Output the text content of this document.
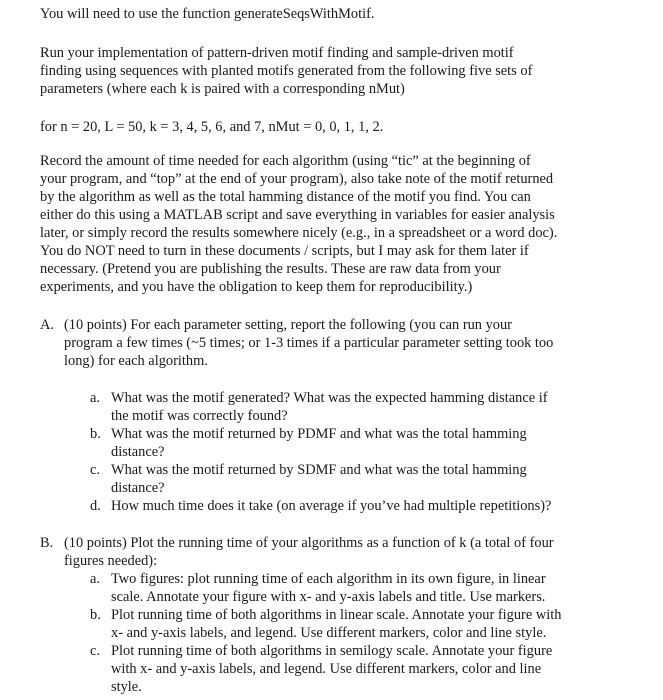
You will need to use the function generateSeqsWithMotif.
Run your implementation of pattern-driven motif finding and sample-driven motif
finding using sequences with planted motifs generated from the following five sets of
parameters (where each k is paired with a corresponding nMut)
for n = 20, L = 50, k = 3, 4, 5, 6, and 7, nMut = 0, 0, 1, 1, 2.
Record the amount of time needed for each algorithm (using “tic” at the beginning of
your program, and “top” at the end of your program), also take note of the motif returned
by the algorithm as well as the total hamming distance of the motif you find. You can
either do this using a MATLAB script and save everything in variables for easier analysis
later, or simply record the results somewhere nicely (e.g., in a spreadsheet or a word doc).
You do NOT need to turn in these documents / scripts, but I may ask for them later if
necessary. (Pretend you are publishing the results. These are raw data from your
experiments, and you have the obligation to keep them for reproducibility.)
A. (10 points) For each parameter setting, report the following (you can run your
program a few times (~5 times; or 1-3 times if a particular parameter setting took too
long) for each algorithm.
a. What was the motif generated? What was the expected hamming distance if
the motif was correctly found?
b. What was the motif returned by PDMF and what was the total hamming
distance?
c. What was the motif returned by SDMF and what was the total hamming
distance?
d. How much time does it take (on average if you’ve had multiple repetitions)?
B. (10 points) Plot the running time of your algorithms as a function of k (a total of four
figures needed):
a. Two figures: plot running time of each algorithm in its own figure, in linear
scale. Annotate your figure with x- and y-axis labels and title. Use markers.
b. Plot running time of both algorithms in linear scale. Annotate your figure with
x- and y-axis labels, and legend. Use different markers, color and line style.
c. Plot running time of both algorithms in semilogy scale. Annotate your figure
with x- and y-axis labels, and legend. Use different markers, color and line
style.
